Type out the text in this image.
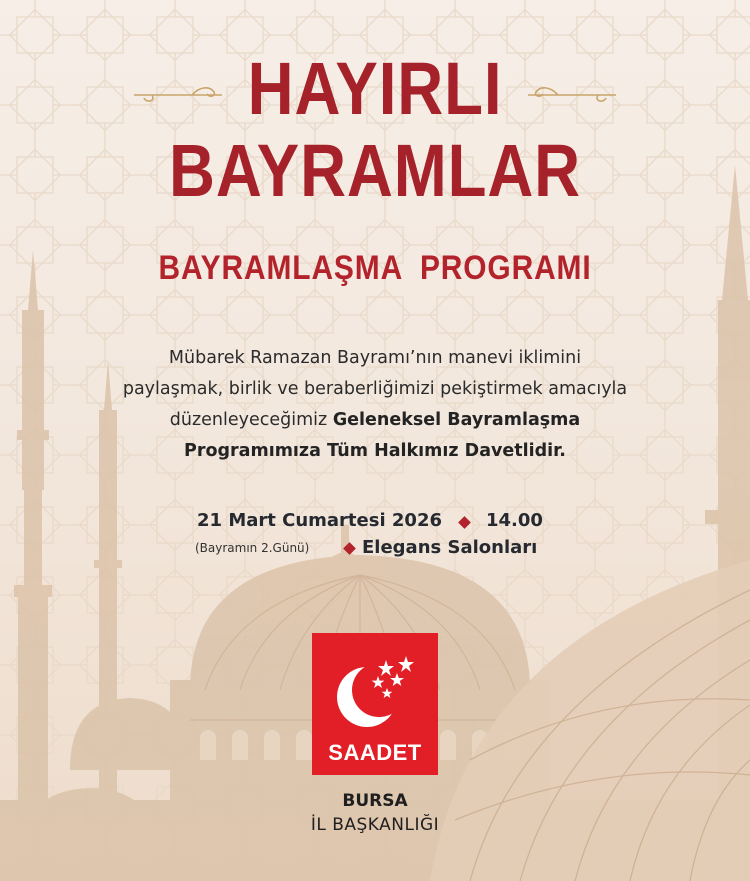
HAYIRLI
BAYRAMLAR
BAYRAMLAŞMA PROGRAMI
Mübarek Ramazan Bayramı’nın manevi iklimini
paylaşmak, birlik ve beraberliğimizi pekiştirmek amacıyla
düzenleyeceğimiz Geleneksel Bayramlaşma
Programımıza Tüm Halkımız Davetlidir.
21 Mart Cumartesi 2026 14.00
(Bayramın 2.Günü)	Elegans Salonları
SAADET
BURSA
İL BAŞKANLIĞI
